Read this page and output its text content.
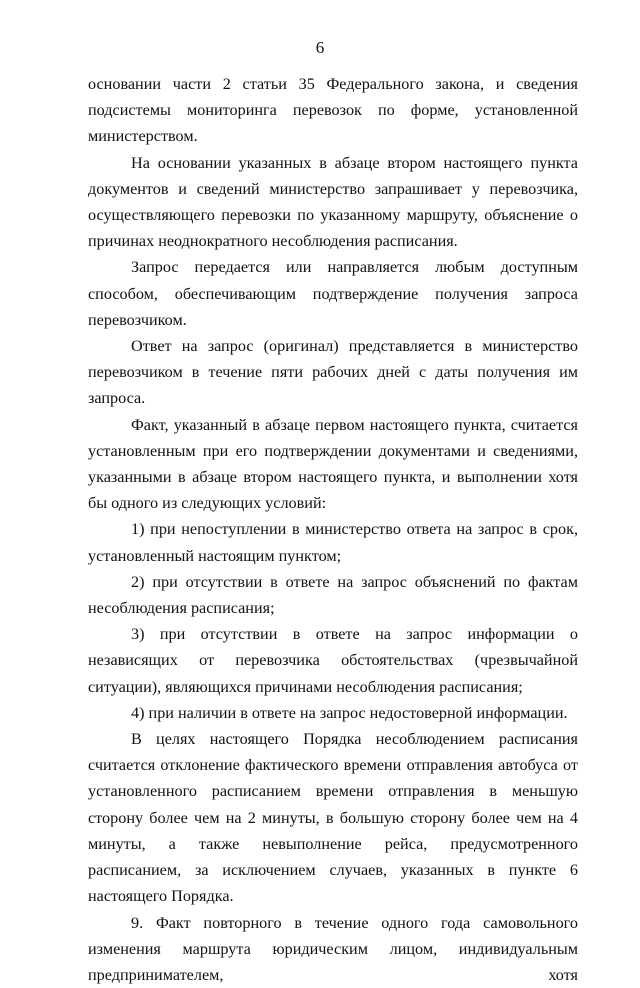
6

основании части 2 статьи 35 Федерального закона, и сведения подсистемы мониторинга перевозок по форме, установленной министерством.

На основании указанных в абзаце втором настоящего пункта документов и сведений министерство запрашивает у перевозчика, осуществляющего перевозки по указанному маршруту, объяснение о причинах неоднократного несоблюдения расписания.

Запрос передается или направляется любым доступным способом, обеспечивающим подтверждение получения запроса перевозчиком.

Ответ на запрос (оригинал) представляется в министерство перевозчиком в течение пяти рабочих дней с даты получения им запроса.

Факт, указанный в абзаце первом настоящего пункта, считается установленным при его подтверждении документами и сведениями, указанными в абзаце втором настоящего пункта, и выполнении хотя бы одного из следующих условий:

1) при непоступлении в министерство ответа на запрос в срок, установленный настоящим пунктом;

2) при отсутствии в ответе на запрос объяснений по фактам несоблюдения расписания;

3) при отсутствии в ответе на запрос информации о независящих от перевозчика обстоятельствах (чрезвычайной ситуации), являющихся причинами несоблюдения расписания;

4) при наличии в ответе на запрос недостоверной информации.

В целях настоящего Порядка несоблюдением расписания считается отклонение фактического времени отправления автобуса от установленного расписанием времени отправления в меньшую сторону более чем на 2 минуты, в большую сторону более чем на 4 минуты, а также невыполнение рейса, предусмотренного расписанием, за исключением случаев, указанных в пункте 6 настоящего Порядка.

9. Факт повторного в течение одного года самовольного изменения маршрута юридическим лицом, индивидуальным предпринимателем, хотя
